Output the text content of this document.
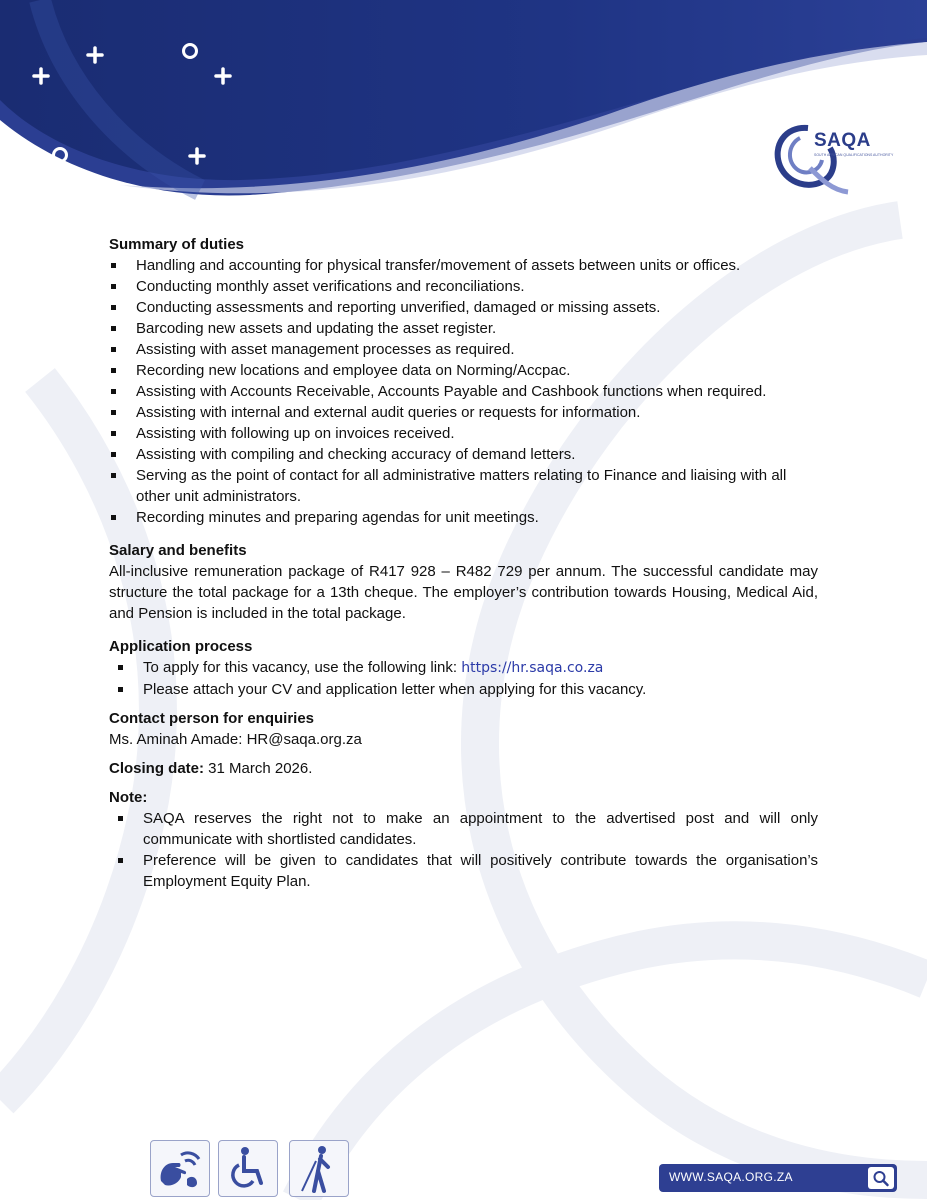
SAQA
SOUTH AFRICAN QUALIFICATIONS AUTHORITY
Summary of duties
Handling and accounting for physical transfer/movement of assets between units or offices.
Conducting monthly asset verifications and reconciliations.
Conducting assessments and reporting unverified, damaged or missing assets.
Barcoding new assets and updating the asset register.
Assisting with asset management processes as required.
Recording new locations and employee data on Norming/Accpac.
Assisting with Accounts Receivable, Accounts Payable and Cashbook functions when required.
Assisting with internal and external audit queries or requests for information.
Assisting with following up on invoices received.
Assisting with compiling and checking accuracy of demand letters.
Serving as the point of contact for all administrative matters relating to Finance and liaising with all other unit administrators.
Recording minutes and preparing agendas for unit meetings.
Salary and benefits

All-inclusive remuneration package of R417 928 – R482 729 per annum. The successful candidate may structure the total package for a 13th cheque. The employer’s contribution towards Housing, Medical Aid, and Pension is included in the total package.

Application process
To apply for this vacancy, use the following link: https://hr.saqa.co.za
Please attach your CV and application letter when applying for this vacancy.
Contact person for enquiries

Ms. Aminah Amade: HR@saqa.org.za

Closing date: 31 March 2026.

Note:
SAQA reserves the right not to make an appointment to the advertised post and will only communicate with shortlisted candidates.
Preference will be given to candidates that will positively contribute towards the organisation’s Employment Equity Plan.
WWW.SAQA.ORG.ZA
